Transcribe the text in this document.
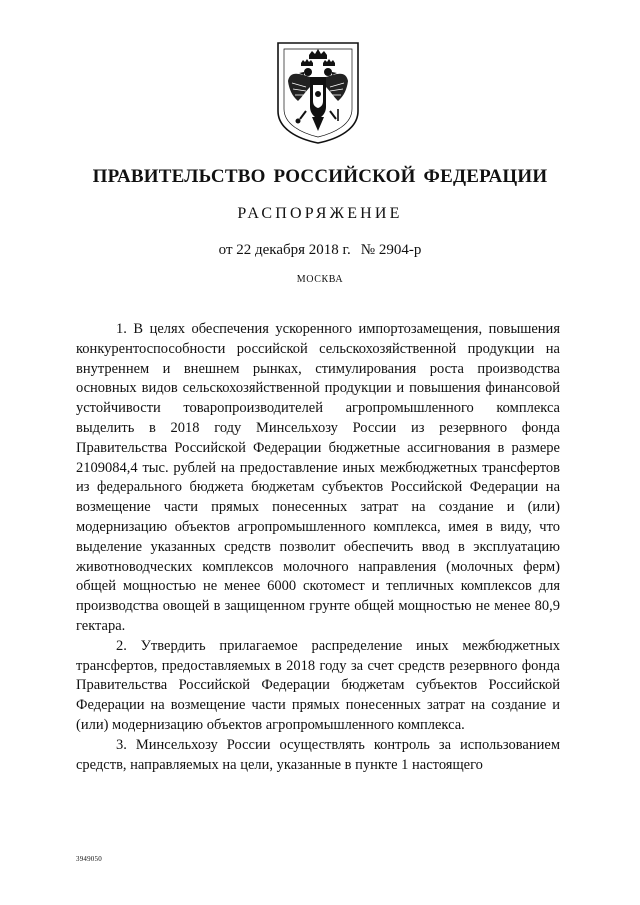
ПРАВИТЕЛЬСТВО РОССИЙСКОЙ ФЕДЕРАЦИИ
РАСПОРЯЖЕНИЕ
от 22 декабря 2018 г. № 2904-р
МОСКВА

1. В целях обеспечения ускоренного импортозамещения, повышения конкурентоспособности российской сельскохозяйственной продукции на внутреннем и внешнем рынках, стимулирования роста производства основных видов сельскохозяйственной продукции и повышения финансовой устойчивости товаропроизводителей агропромышленного комплекса выделить в 2018 году Минсельхозу России из резервного фонда Правительства Российской Федерации бюджетные ассигнования в размере 2109084,4 тыс. рублей на предоставление иных межбюджетных трансфертов из федерального бюджета бюджетам субъектов Российской Федерации на возмещение части прямых понесенных затрат на создание и (или) модернизацию объектов агропромышленного комплекса, имея в виду, что выделение указанных средств позволит обеспечить ввод в эксплуатацию животноводческих комплексов молочного направления (молочных ферм) общей мощностью не менее 6000 скотомест и тепличных комплексов для производства овощей в защищенном грунте общей мощностью не менее 80,9 гектара.

2. Утвердить прилагаемое распределение иных межбюджетных трансфертов, предоставляемых в 2018 году за счет средств резервного фонда Правительства Российской Федерации бюджетам субъектов Российской Федерации на возмещение части прямых понесенных затрат на создание и (или) модернизацию объектов агропромышленного комплекса.

3. Минсельхозу России осуществлять контроль за использованием средств, направляемых на цели, указанные в пункте 1 настоящего

3949050
